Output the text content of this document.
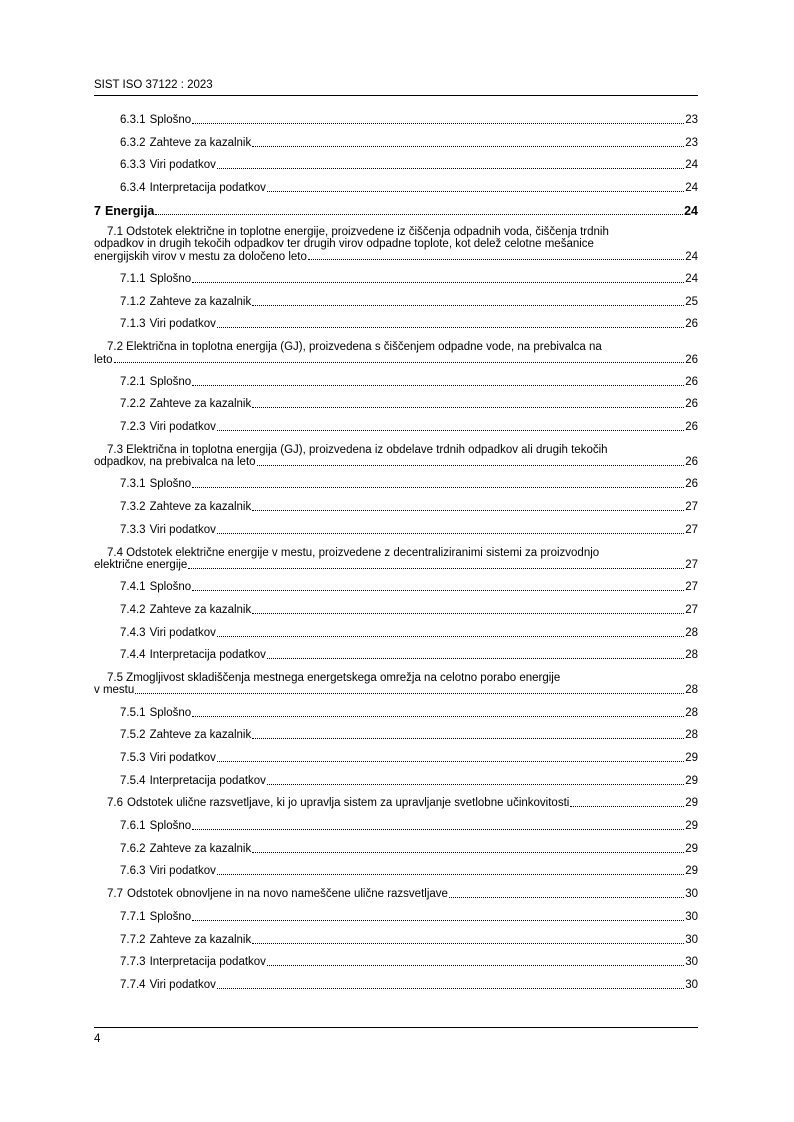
SIST ISO 37122 : 2023
6.3.1 Splošno	23
6.3.2 Zahteve za kazalnik	23
6.3.3 Viri podatkov	24
6.3.4 Interpretacija podatkov	24
7 Energija	24
7.1 Odstotek električne in toplotne energije, proizvedene iz čiščenja odpadnih voda, čiščenja trdnih
odpadkov in drugih tekočih odpadkov ter drugih virov odpadne toplote, kot delež celotne mešanice
energijskih virov v mestu za določeno leto	24
7.1.1 Splošno	24
7.1.2 Zahteve za kazalnik	25
7.1.3 Viri podatkov	26
7.2 Električna in toplotna energija (GJ), proizvedena s čiščenjem odpadne vode, na prebivalca na
leto	26
7.2.1 Splošno	26
7.2.2 Zahteve za kazalnik	26
7.2.3 Viri podatkov	26
7.3 Električna in toplotna energija (GJ), proizvedena iz obdelave trdnih odpadkov ali drugih tekočih
odpadkov, na prebivalca na leto	26
7.3.1 Splošno	26
7.3.2 Zahteve za kazalnik	27
7.3.3 Viri podatkov	27
7.4 Odstotek električne energije v mestu, proizvedene z decentraliziranimi sistemi za proizvodnjo
električne energije	27
7.4.1 Splošno	27
7.4.2 Zahteve za kazalnik	27
7.4.3 Viri podatkov	28
7.4.4 Interpretacija podatkov	28
7.5 Zmogljivost skladiščenja mestnega energetskega omrežja na celotno porabo energije
v mestu	28
7.5.1 Splošno	28
7.5.2 Zahteve za kazalnik	28
7.5.3 Viri podatkov	29
7.5.4 Interpretacija podatkov	29
7.6 Odstotek ulične razsvetljave, ki jo upravlja sistem za upravljanje svetlobne učinkovitosti	29
7.6.1 Splošno	29
7.6.2 Zahteve za kazalnik	29
7.6.3 Viri podatkov	29
7.7 Odstotek obnovljene in na novo nameščene ulične razsvetljave	30
7.7.1 Splošno	30
7.7.2 Zahteve za kazalnik	30
7.7.3 Interpretacija podatkov	30
7.7.4 Viri podatkov	30
4
